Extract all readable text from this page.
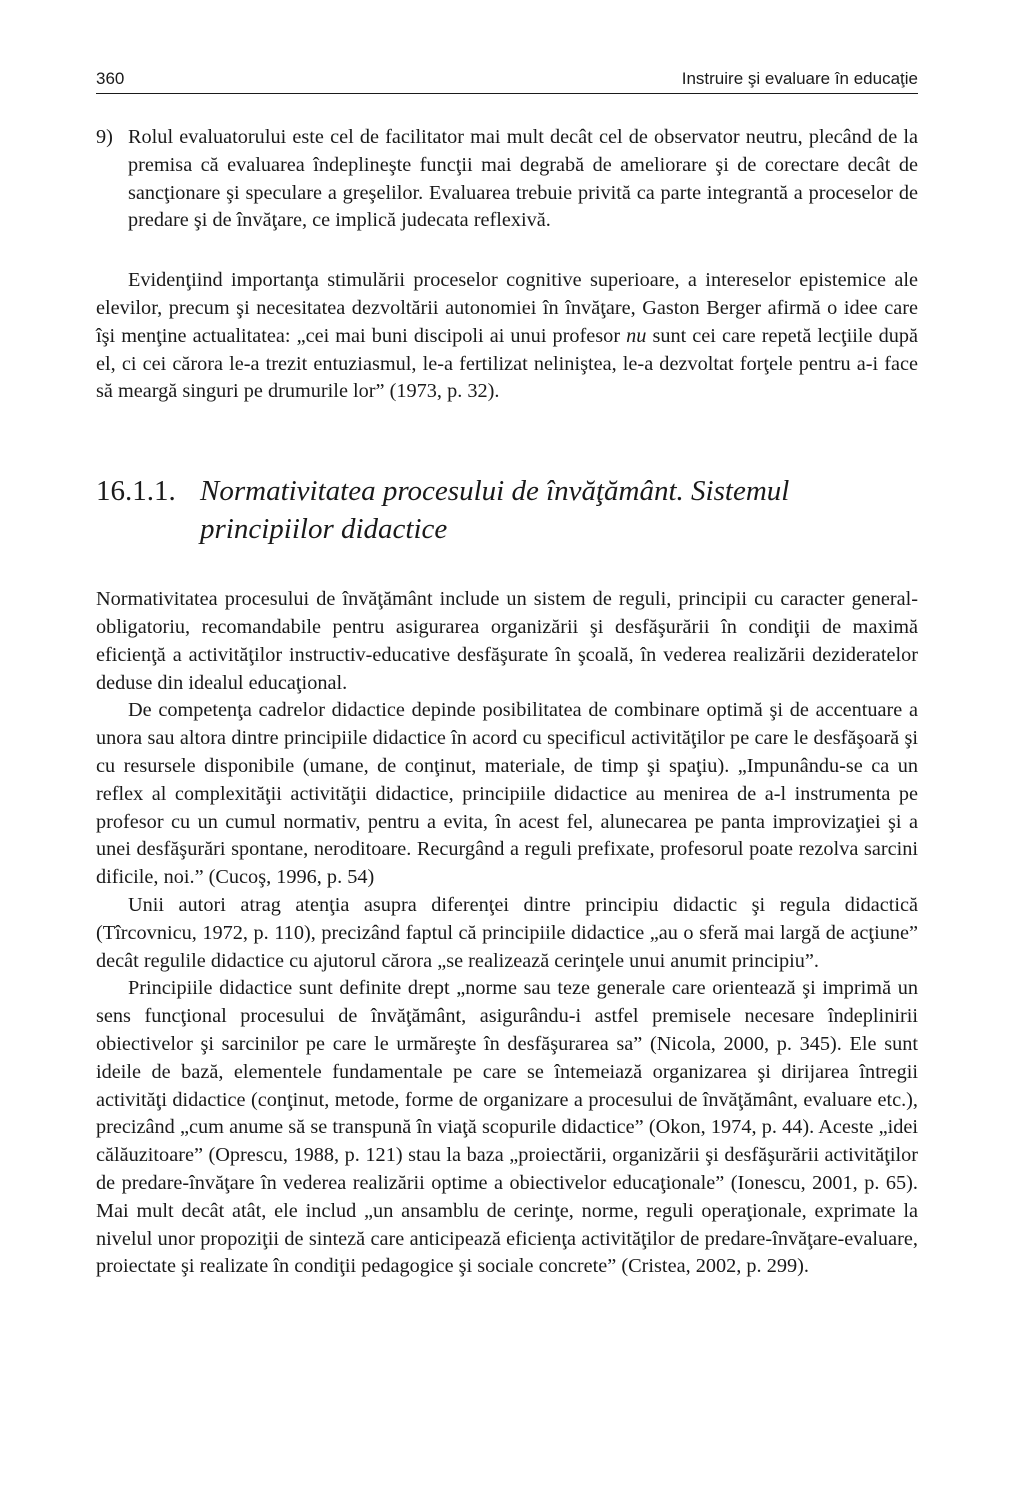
360	Instruire şi evaluare în educaţie
9) Rolul evaluatorului este cel de facilitator mai mult decât cel de observator neutru, plecând de la premisa că evaluarea îndeplineşte funcţii mai degrabă de ameliorare şi de corectare decât de sancţionare şi speculare a greşelilor. Evaluarea trebuie privită ca parte integrantă a proceselor de predare şi de învăţare, ce implică judecata reflexivă.

Evidenţiind importanţa stimulării proceselor cognitive superioare, a intereselor epistemice ale elevilor, precum şi necesitatea dezvoltării autonomiei în învăţare, Gaston Berger afirmă o idee care îşi menţine actualitatea: „cei mai buni discipoli ai unui profesor nu sunt cei care repetă lecţiile după el, ci cei cărora le-a trezit entuziasmul, le-a fertilizat neliniştea, le-a dezvoltat forţele pentru a-i face să meargă singuri pe drumurile lor” (1973, p. 32).

16.1.1. Normativitatea procesului de învăţământ. Sistemul principiilor didactice

Normativitatea procesului de învăţământ include un sistem de reguli, principii cu caracter general-obligatoriu, recomandabile pentru asigurarea organizării şi desfăşurării în condiţii de maximă eficienţă a activităţilor instructiv-educative desfăşurate în şcoală, în vederea realizării dezideratelor deduse din idealul educaţional.

De competenţa cadrelor didactice depinde posibilitatea de combinare optimă şi de accentuare a unora sau altora dintre principiile didactice în acord cu specificul activităţilor pe care le desfăşoară şi cu resursele disponibile (umane, de conţinut, materiale, de timp şi spaţiu). „Impunându-se ca un reflex al complexităţii activităţii didactice, principiile didactice au menirea de a-l instrumenta pe profesor cu un cumul normativ, pentru a evita, în acest fel, alunecarea pe panta improvizaţiei şi a unei desfăşurări spontane, neroditoare. Recurgând a reguli prefixate, profesorul poate rezolva sarcini dificile, noi.” (Cucoş, 1996, p. 54)

Unii autori atrag atenţia asupra diferenţei dintre principiu didactic şi regula didactică (Tîrcovnicu, 1972, p. 110), precizând faptul că principiile didactice „au o sferă mai largă de acţiune” decât regulile didactice cu ajutorul cărora „se realizează cerinţele unui anumit principiu”.

Principiile didactice sunt definite drept „norme sau teze generale care orientează şi imprimă un sens funcţional procesului de învăţământ, asigurându-i astfel premisele necesare îndeplinirii obiectivelor şi sarcinilor pe care le urmăreşte în desfăşurarea sa” (Nicola, 2000, p. 345). Ele sunt ideile de bază, elementele fundamentale pe care se întemeiază organizarea şi dirijarea întregii activităţi didactice (conţinut, metode, forme de organizare a procesului de învăţământ, evaluare etc.), precizând „cum anume să se transpună în viaţă scopurile didactice” (Okon, 1974, p. 44). Aceste „idei călăuzitoare” (Oprescu, 1988, p. 121) stau la baza „proiectării, organizării şi desfăşurării activităţilor de predare-învăţare în vederea realizării optime a obiectivelor educaţionale” (Ionescu, 2001, p. 65). Mai mult decât atât, ele includ „un ansamblu de cerinţe, norme, reguli operaţionale, exprimate la nivelul unor propoziţii de sinteză care anticipează eficienţa activităţilor de predare-învăţare-evaluare, proiectate şi realizate în condiţii pedagogice şi sociale concrete” (Cristea, 2002, p. 299).
